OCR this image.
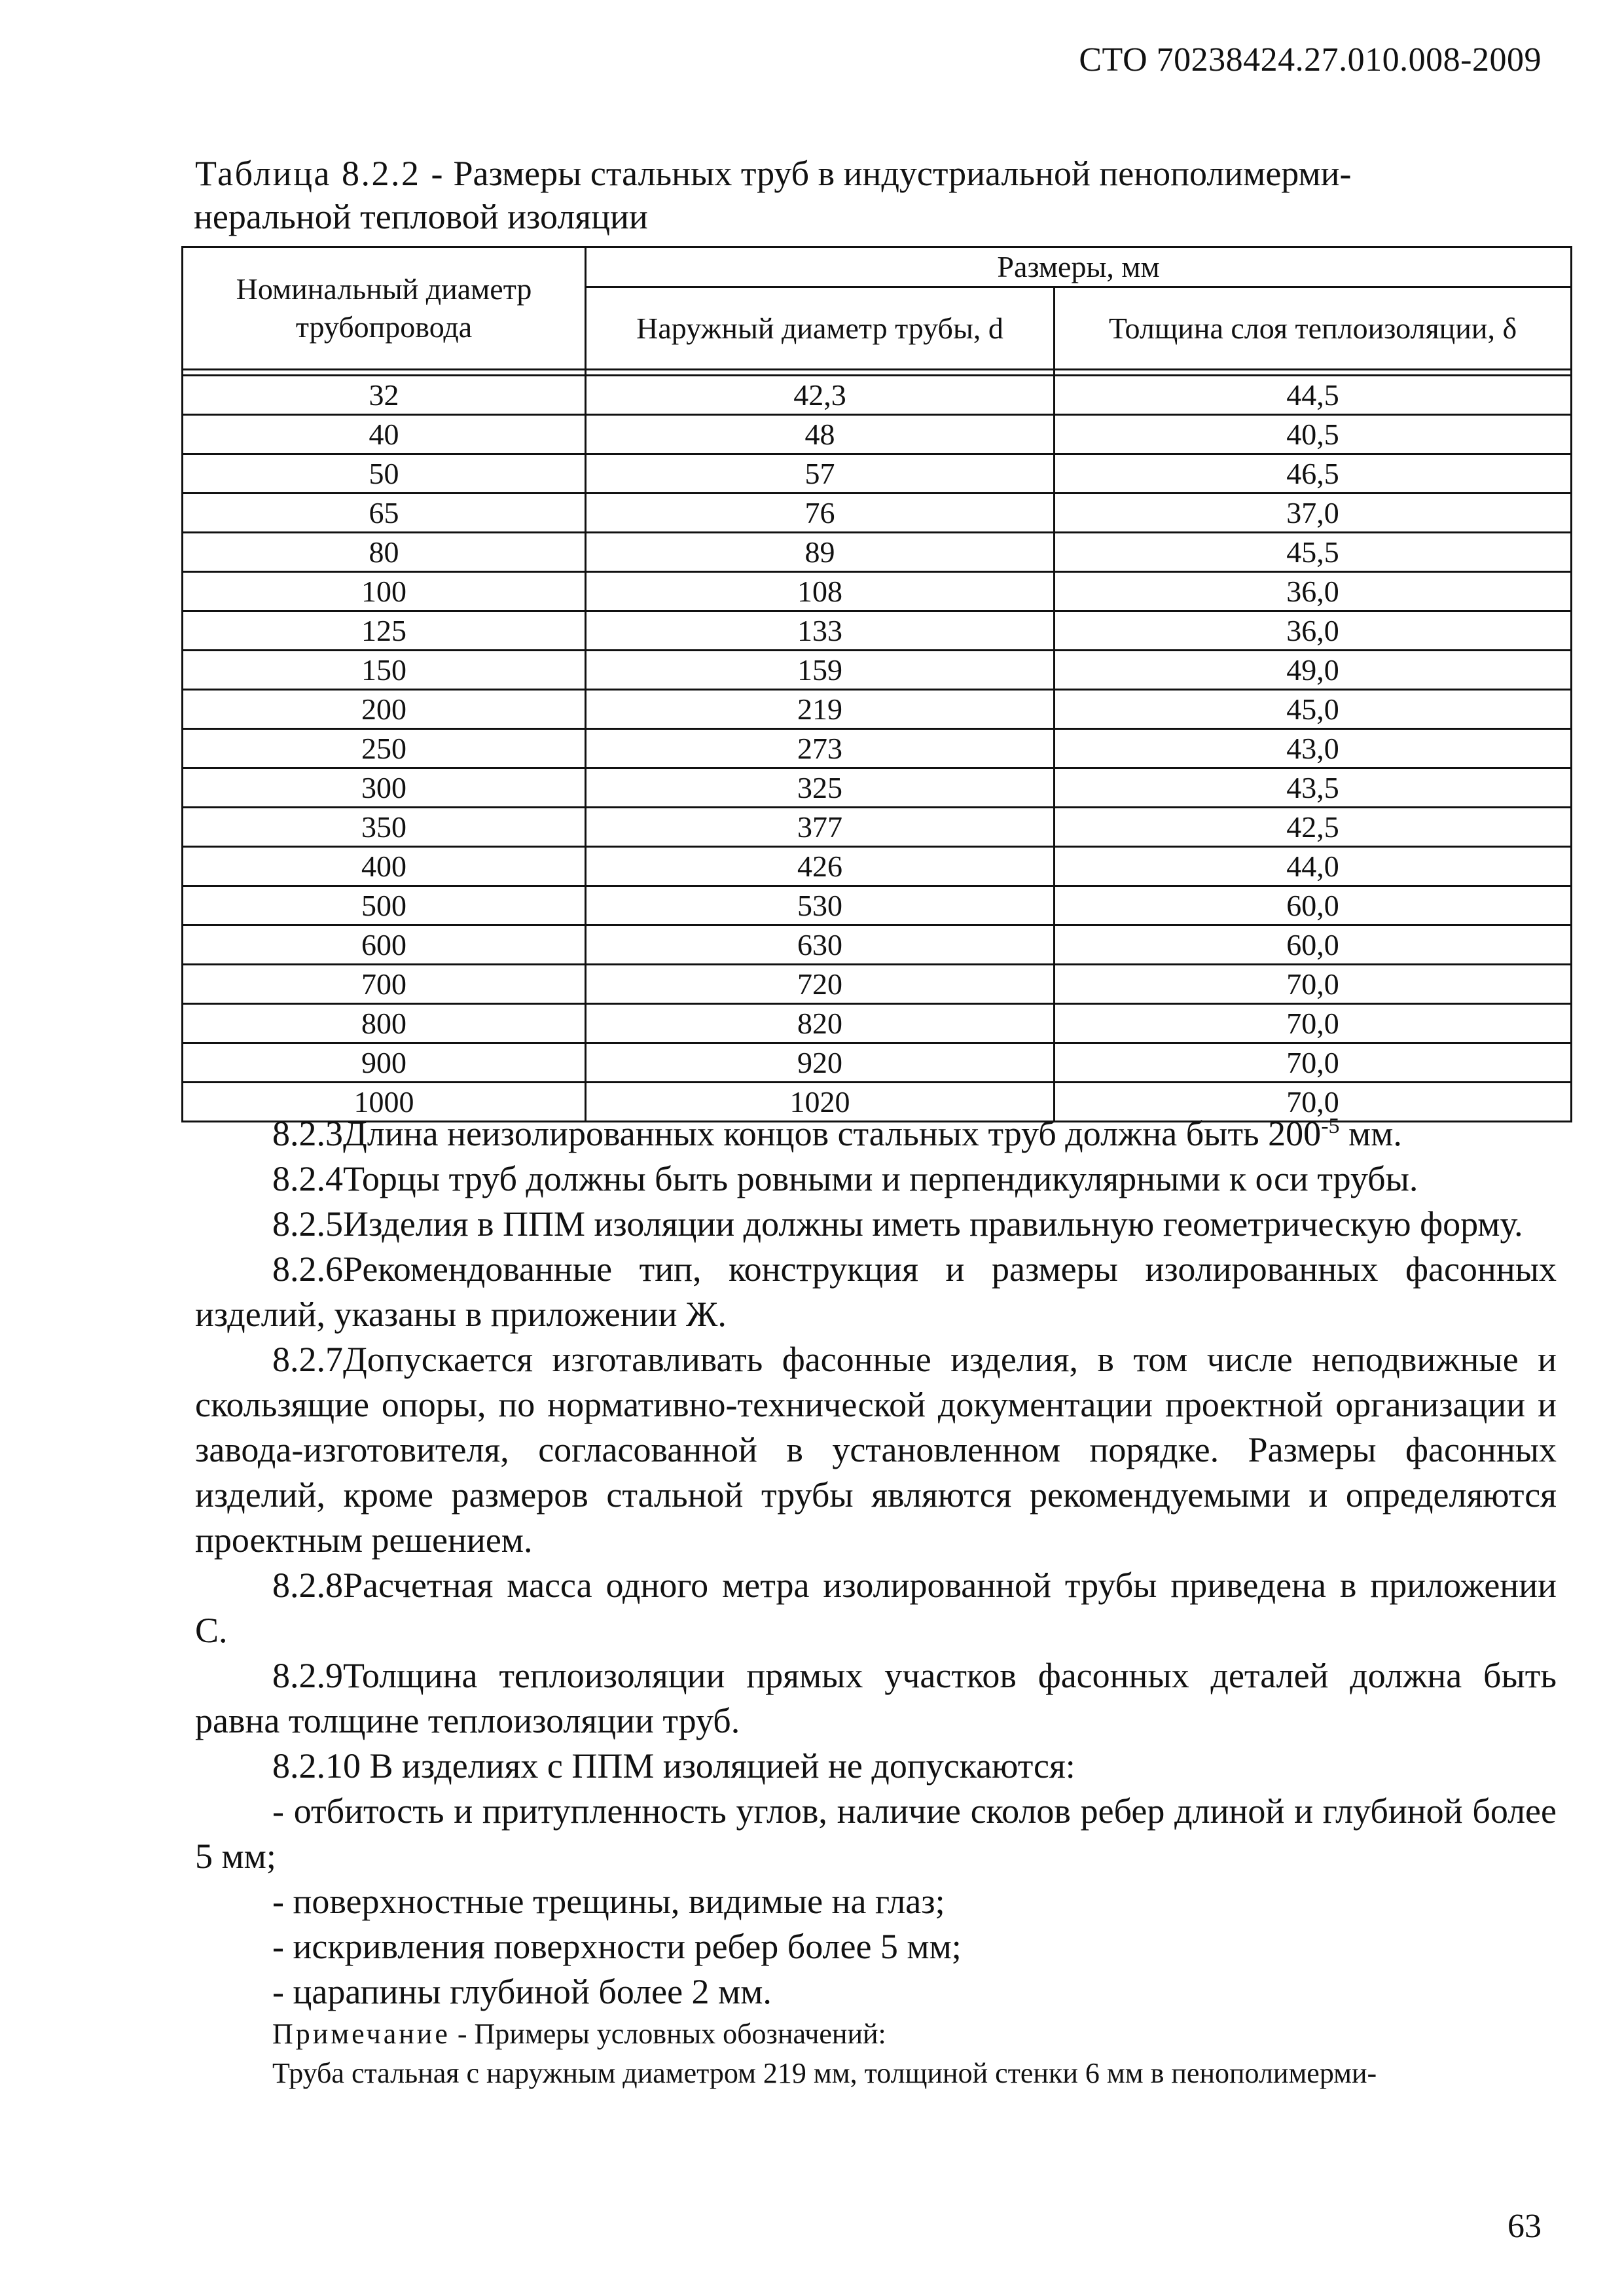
СТО 70238424.27.010.008-2009
Таблица 8.2.2 - Размеры стальных труб в индустриальной пенополимерми-
неральной тепловой изоляции
Номинальный диаметр трубопровода	Размеры, мм	
	Наружный диаметр трубы, d	Толщина слоя теплоизоляции, δ

32	42,3	44,5
40	48	40,5
50	57	46,5
65	76	37,0
80	89	45,5
100	108	36,0
125	133	36,0
150	159	49,0
200	219	45,0
250	273	43,0
300	325	43,5
350	377	42,5
400	426	44,0
500	530	60,0
600	630	60,0
700	720	70,0
800	820	70,0
900	920	70,0
1000	1020	70,0

8.2.3Длина неизолированных концов стальных труб должна быть $200^{-5}$ мм.

8.2.4Торцы труб должны быть ровными и перпендикулярными к оси трубы.

8.2.5Изделия в ППМ изоляции должны иметь правильную геометрическую форму.

8.2.6Рекомендованные тип, конструкция и размеры изолированных фасонных изделий, указаны в приложении Ж.

8.2.7Допускается изготавливать фасонные изделия, в том числе неподвижные и скользящие опоры, по нормативно-технической документации проектной организации и завода-изготовителя, согласованной в установленном порядке. Размеры фасонных изделий, кроме размеров стальной трубы являются рекомендуемыми и определяются проектным решением.

8.2.8Расчетная масса одного метра изолированной трубы приведена в приложении С.

8.2.9Толщина теплоизоляции прямых участков фасонных деталей должна быть равна толщине теплоизоляции труб.

8.2.10 В изделиях с ППМ изоляцией не допускаются:

- отбитость и притупленность углов, наличие сколов ребер длиной и глубиной более 5 мм;

- поверхностные трещины, видимые на глаз;

- искривления поверхности ребер более 5 мм;

- царапины глубиной более 2 мм.

Примечание - Примеры условных обозначений:

Труба стальная с наружным диаметром 219 мм, толщиной стенки 6 мм в пенополимерми-

63
